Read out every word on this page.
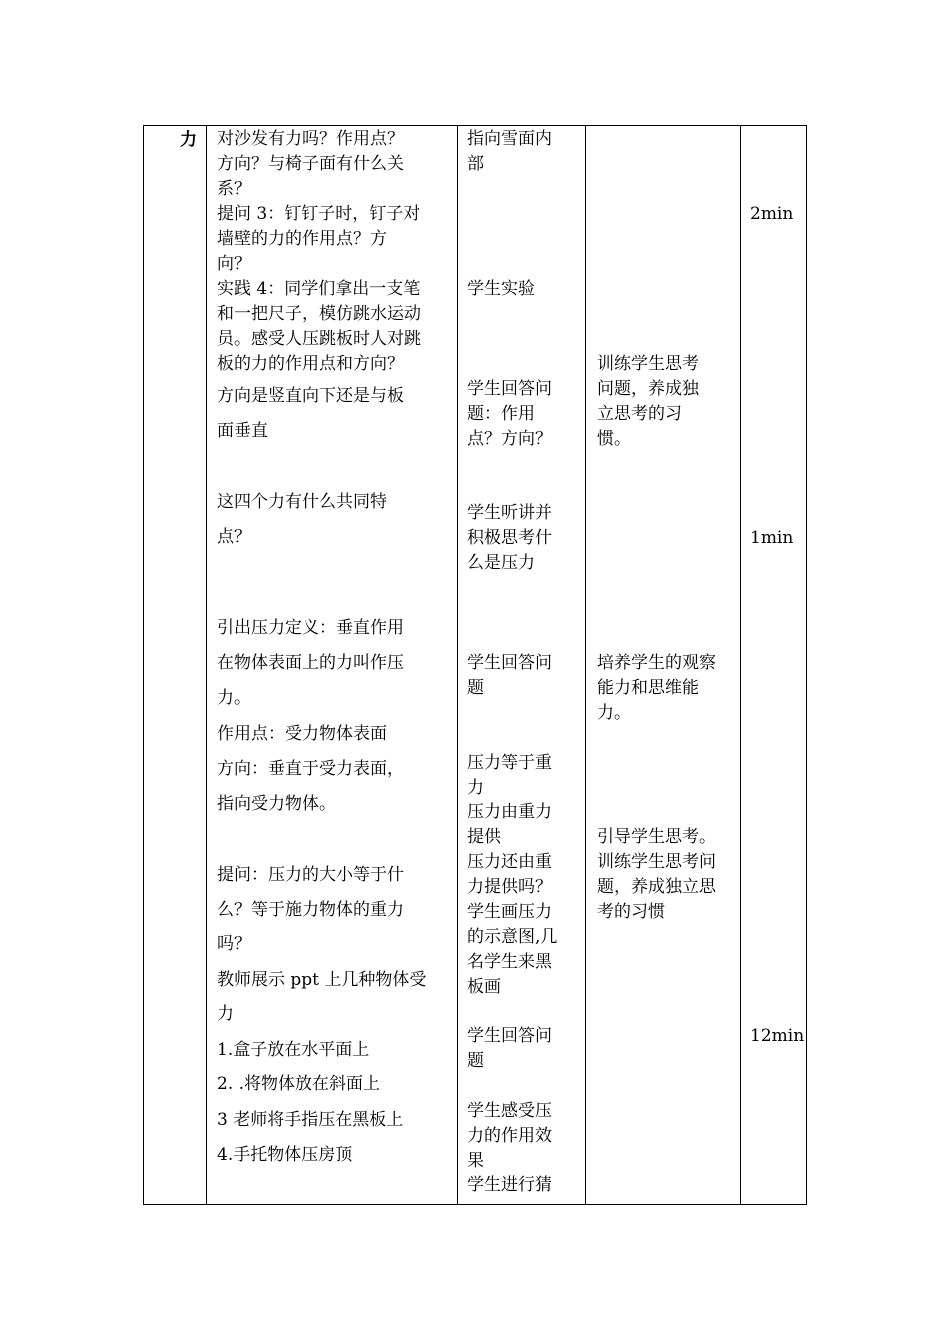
力 对沙发有力吗？作用点？
方向？与椅子面有什么关
系？
提问 3：钉钉子时，钉子对
墙壁的力的作用点？方
向？
实践 4：同学们拿出一支笔
和一把尺子，模仿跳水运动
员。感受人压跳板时人对跳
板的力的作用点和方向？
方向是竖直向下还是与板
面垂直
这四个力有什么共同特
点？
引出压力定义：垂直作用
在物体表面上的力叫作压
力。
作用点：受力物体表面
方向：垂直于受力表面，
指向受力物体。
提问：压力的大小等于什
么？等于施力物体的重力
吗？
教师展示 ppt 上几种物体受
力
1.盒子放在水平面上
2. .将物体放在斜面上
3 老师将手指压在黑板上
4.手托物体压房顶
指向雪面内
部
学生实验
学生回答问
题：作用
点？方向？
学生听讲并
积极思考什
么是压力
学生回答问
题
压力等于重
力
压力由重力
提供
压力还由重
力提供吗？
学生画压力
的示意图,几
名学生来黑
板画
学生回答问
题
学生感受压
力的作用效
果
学生进行猜
训练学生思考
问题，养成独
立思考的习
惯。
培养学生的观察
能力和思维能
力。
引导学生思考。
训练学生思考问
题，养成独立思
考的习惯
2min
1min
12min
